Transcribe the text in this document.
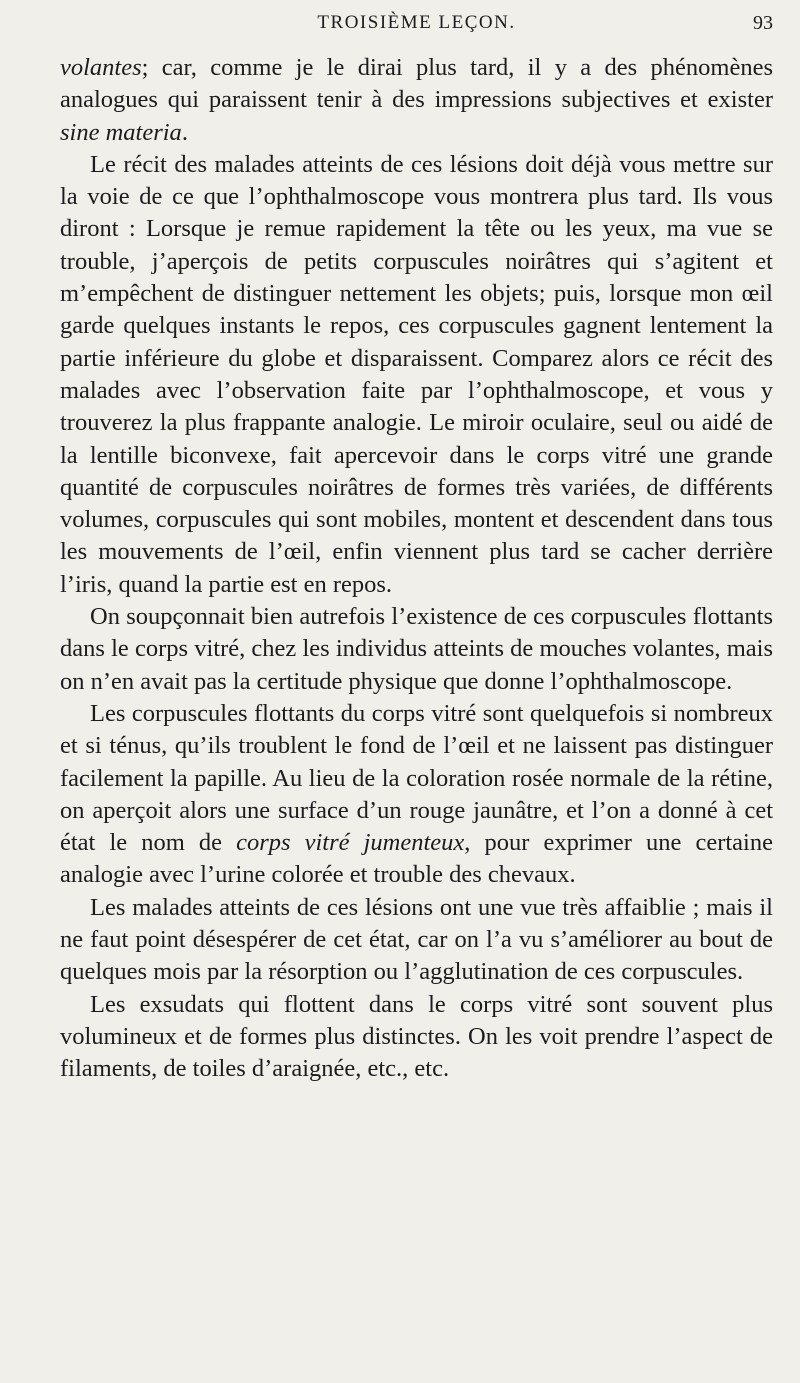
TROISIÈME LEÇON.	93

volantes; car, comme je le dirai plus tard, il y a des phénomènes analogues qui paraissent tenir à des impressions subjectives et exister sine materia.

Le récit des malades atteints de ces lésions doit déjà vous mettre sur la voie de ce que l’ophthalmoscope vous montrera plus tard. Ils vous diront : Lorsque je remue rapidement la tête ou les yeux, ma vue se trouble, j’aperçois de petits corpuscules noirâtres qui s’agitent et m’empêchent de distinguer nettement les objets; puis, lorsque mon œil garde quelques instants le repos, ces corpuscules gagnent lentement la partie inférieure du globe et disparaissent. Comparez alors ce récit des malades avec l’observation faite par l’ophthalmoscope, et vous y trouverez la plus frappante analogie. Le miroir oculaire, seul ou aidé de la lentille biconvexe, fait apercevoir dans le corps vitré une grande quantité de corpuscules noirâtres de formes très variées, de différents volumes, corpuscules qui sont mobiles, montent et descendent dans tous les mouvements de l’œil, enfin viennent plus tard se cacher derrière l’iris, quand la partie est en repos.

On soupçonnait bien autrefois l’existence de ces corpuscules flottants dans le corps vitré, chez les individus atteints de mouches volantes, mais on n’en avait pas la certitude physique que donne l’ophthalmoscope.

Les corpuscules flottants du corps vitré sont quelquefois si nombreux et si ténus, qu’ils troublent le fond de l’œil et ne laissent pas distinguer facilement la papille. Au lieu de la coloration rosée normale de la rétine, on aperçoit alors une surface d’un rouge jaunâtre, et l’on a donné à cet état le nom de corps vitré jumenteux, pour exprimer une certaine analogie avec l’urine colorée et trouble des chevaux.

Les malades atteints de ces lésions ont une vue très affaiblie ; mais il ne faut point désespérer de cet état, car on l’a vu s’améliorer au bout de quelques mois par la résorption ou l’agglutination de ces corpuscules.

Les exsudats qui flottent dans le corps vitré sont souvent plus volumineux et de formes plus distinctes. On les voit prendre l’aspect de filaments, de toiles d’araignée, etc., etc.
